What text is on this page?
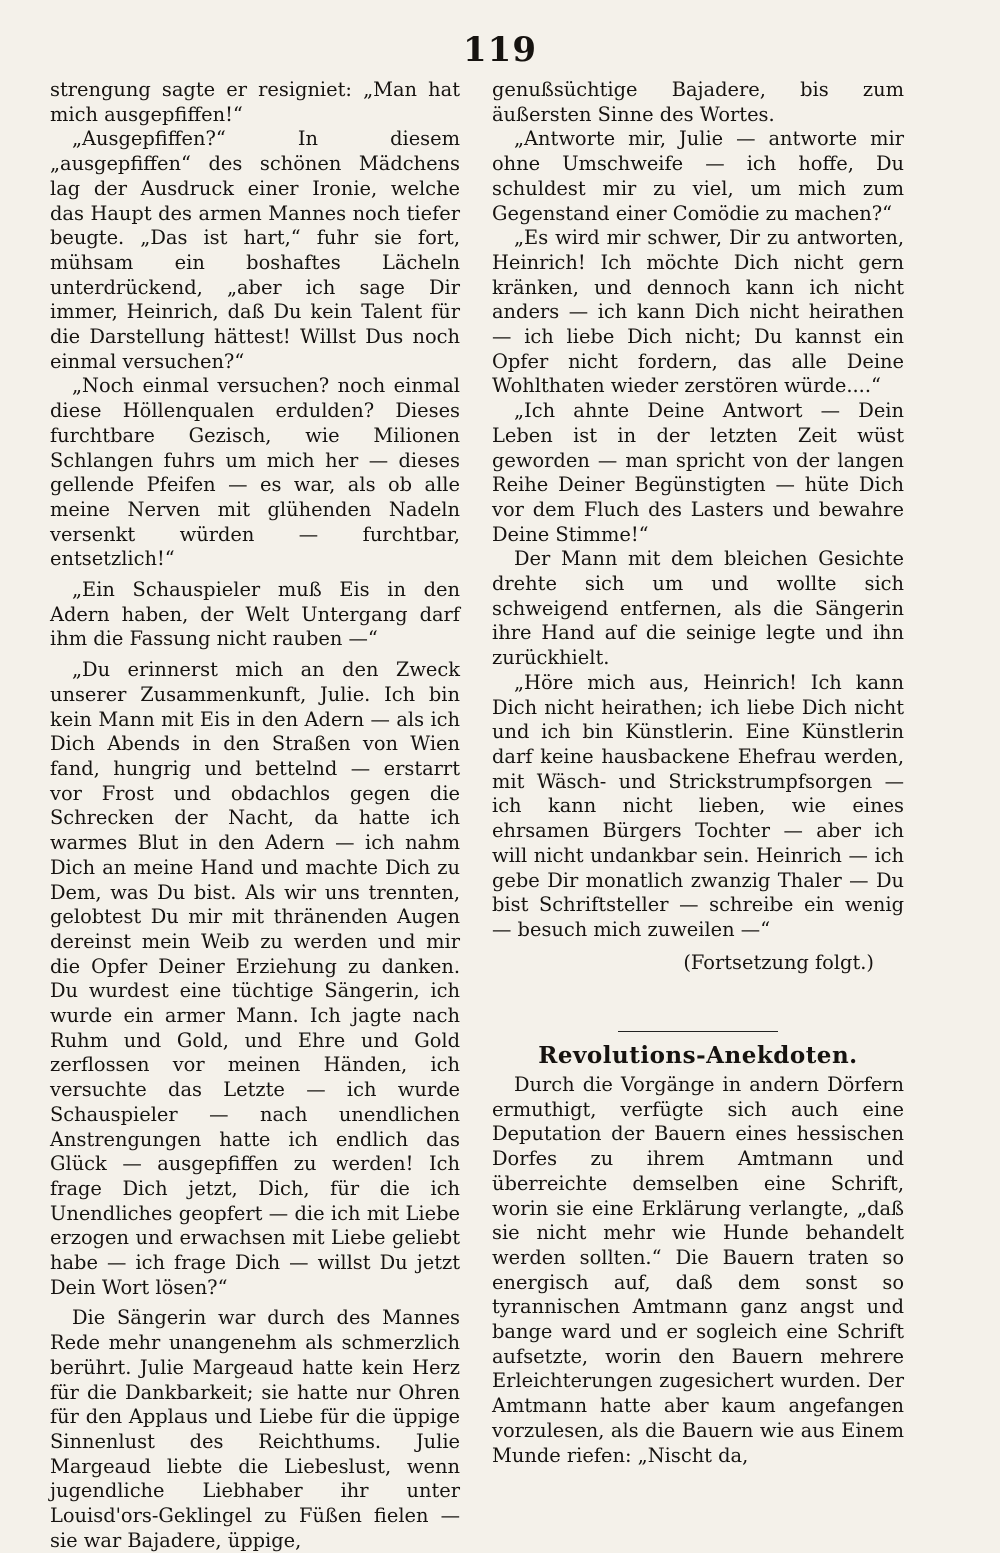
119

strengung sagte er resigniet: „Man hat mich ausgepfiffen!“

„Ausgepfiffen?“ In diesem „ausgepfiffen“ des schönen Mädchens lag der Ausdruck einer Ironie, welche das Haupt des armen Mannes noch tiefer beugte. „Das ist hart,“ fuhr sie fort, mühsam ein boshaftes Lächeln unterdrückend, „aber ich sage Dir immer, Heinrich, daß Du kein Talent für die Darstellung hättest! Willst Dus noch einmal versuchen?“

„Noch einmal versuchen? noch einmal diese Höllenqualen erdulden? Dieses furchtbare Gezisch, wie Milionen Schlangen fuhrs um mich her — dieses gellende Pfeifen — es war, als ob alle meine Nerven mit glühenden Nadeln versenkt würden — furchtbar, entsetzlich!“

„Ein Schauspieler muß Eis in den Adern haben, der Welt Untergang darf ihm die Fassung nicht rauben —“

„Du erinnerst mich an den Zweck unserer Zusammenkunft, Julie. Ich bin kein Mann mit Eis in den Adern — als ich Dich Abends in den Straßen von Wien fand, hungrig und bettelnd — erstarrt vor Frost und obdachlos gegen die Schrecken der Nacht, da hatte ich warmes Blut in den Adern — ich nahm Dich an meine Hand und machte Dich zu Dem, was Du bist. Als wir uns trennten, gelobtest Du mir mit thränenden Augen dereinst mein Weib zu werden und mir die Opfer Deiner Erziehung zu danken. Du wurdest eine tüchtige Sängerin, ich wurde ein armer Mann. Ich jagte nach Ruhm und Gold, und Ehre und Gold zerflossen vor meinen Händen, ich versuchte das Letzte — ich wurde Schauspieler — nach unendlichen Anstrengungen hatte ich endlich das Glück — ausgepfiffen zu werden! Ich frage Dich jetzt, Dich, für die ich Unendliches geopfert — die ich mit Liebe erzogen und erwachsen mit Liebe geliebt habe — ich frage Dich — willst Du jetzt Dein Wort lösen?“

Die Sängerin war durch des Mannes Rede mehr unangenehm als schmerzlich berührt. Julie Margeaud hatte kein Herz für die Dankbarkeit; sie hatte nur Ohren für den Applaus und Liebe für die üppige Sinnenlust des Reichthums. Julie Margeaud liebte die Liebeslust, wenn jugendliche Liebhaber ihr unter Louisd'ors-Geklingel zu Füßen fielen — sie war Bajadere, üppige,

genußsüchtige Bajadere, bis zum äußersten Sinne des Wortes.

„Antworte mir, Julie — antworte mir ohne Umschweife — ich hoffe, Du schuldest mir zu viel, um mich zum Gegenstand einer Comödie zu machen?“

„Es wird mir schwer, Dir zu antworten, Heinrich! Ich möchte Dich nicht gern kränken, und dennoch kann ich nicht anders — ich kann Dich nicht heirathen — ich liebe Dich nicht; Du kannst ein Opfer nicht fordern, das alle Deine Wohlthaten wieder zerstören würde....“

„Ich ahnte Deine Antwort — Dein Leben ist in der letzten Zeit wüst geworden — man spricht von der langen Reihe Deiner Begünstigten — hüte Dich vor dem Fluch des Lasters und bewahre Deine Stimme!“

Der Mann mit dem bleichen Gesichte drehte sich um und wollte sich schweigend entfernen, als die Sängerin ihre Hand auf die seinige legte und ihn zurückhielt.

„Höre mich aus, Heinrich! Ich kann Dich nicht heirathen; ich liebe Dich nicht und ich bin Künstlerin. Eine Künstlerin darf keine hausbackene Ehefrau werden, mit Wäsch- und Strickstrumpfsorgen — ich kann nicht lieben, wie eines ehrsamen Bürgers Tochter — aber ich will nicht undankbar sein. Heinrich — ich gebe Dir monatlich zwanzig Thaler — Du bist Schriftsteller — schreibe ein wenig — besuch mich zuweilen —“

(Fortsetzung folgt.)

Revolutions-Anekdoten.

Durch die Vorgänge in andern Dörfern ermuthigt, verfügte sich auch eine Deputation der Bauern eines hessischen Dorfes zu ihrem Amtmann und überreichte demselben eine Schrift, worin sie eine Erklärung verlangte, „daß sie nicht mehr wie Hunde behandelt werden sollten.“ Die Bauern traten so energisch auf, daß dem sonst so tyrannischen Amtmann ganz angst und bange ward und er sogleich eine Schrift aufsetzte, worin den Bauern mehrere Erleichterungen zugesichert wurden. Der Amtmann hatte aber kaum angefangen vorzulesen, als die Bauern wie aus Einem Munde riefen: „Nischt da,
